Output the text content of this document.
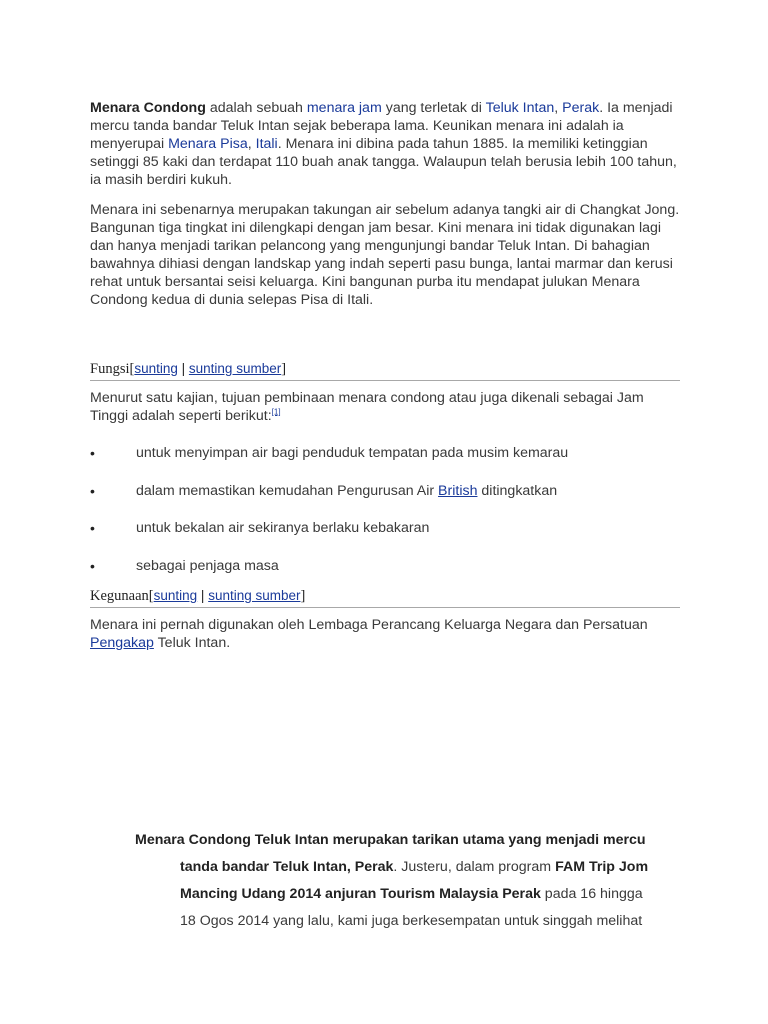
Menara Condong adalah sebuah menara jam yang terletak di Teluk Intan, Perak. Ia menjadi mercu tanda bandar Teluk Intan sejak beberapa lama. Keunikan menara ini adalah ia menyerupai Menara Pisa, Itali. Menara ini dibina pada tahun 1885. Ia memiliki ketinggian setinggi 85 kaki dan terdapat 110 buah anak tangga. Walaupun telah berusia lebih 100 tahun, ia masih berdiri kukuh.

Menara ini sebenarnya merupakan takungan air sebelum adanya tangki air di Changkat Jong. Bangunan tiga tingkat ini dilengkapi dengan jam besar. Kini menara ini tidak digunakan lagi dan hanya menjadi tarikan pelancong yang mengunjungi bandar Teluk Intan. Di bahagian bawahnya dihiasi dengan landskap yang indah seperti pasu bunga, lantai marmar dan kerusi rehat untuk bersantai seisi keluarga. Kini bangunan purba itu mendapat julukan Menara Condong kedua di dunia selepas Pisa di Itali.

Fungsi[sunting | sunting sumber]

Menurut satu kajian, tujuan pembinaan menara condong atau juga dikenali sebagai Jam Tinggi adalah seperti berikut:[1]

•	untuk menyimpan air bagi penduduk tempatan pada musim kemarau
•	dalam memastikan kemudahan Pengurusan Air British ditingkatkan
•	untuk bekalan air sekiranya berlaku kebakaran
•	sebagai penjaga masa
Kegunaan[sunting | sunting sumber]

Menara ini pernah digunakan oleh Lembaga Perancang Keluarga Negara dan Persatuan Pengakap Teluk Intan.

Menara Condong Teluk Intan merupakan tarikan utama yang menjadi mercu
tanda bandar Teluk Intan, Perak. Justeru, dalam program FAM Trip Jom
Mancing Udang 2014 anjuran Tourism Malaysia Perak pada 16 hingga
18 Ogos 2014 yang lalu, kami juga berkesempatan untuk singgah melihat
